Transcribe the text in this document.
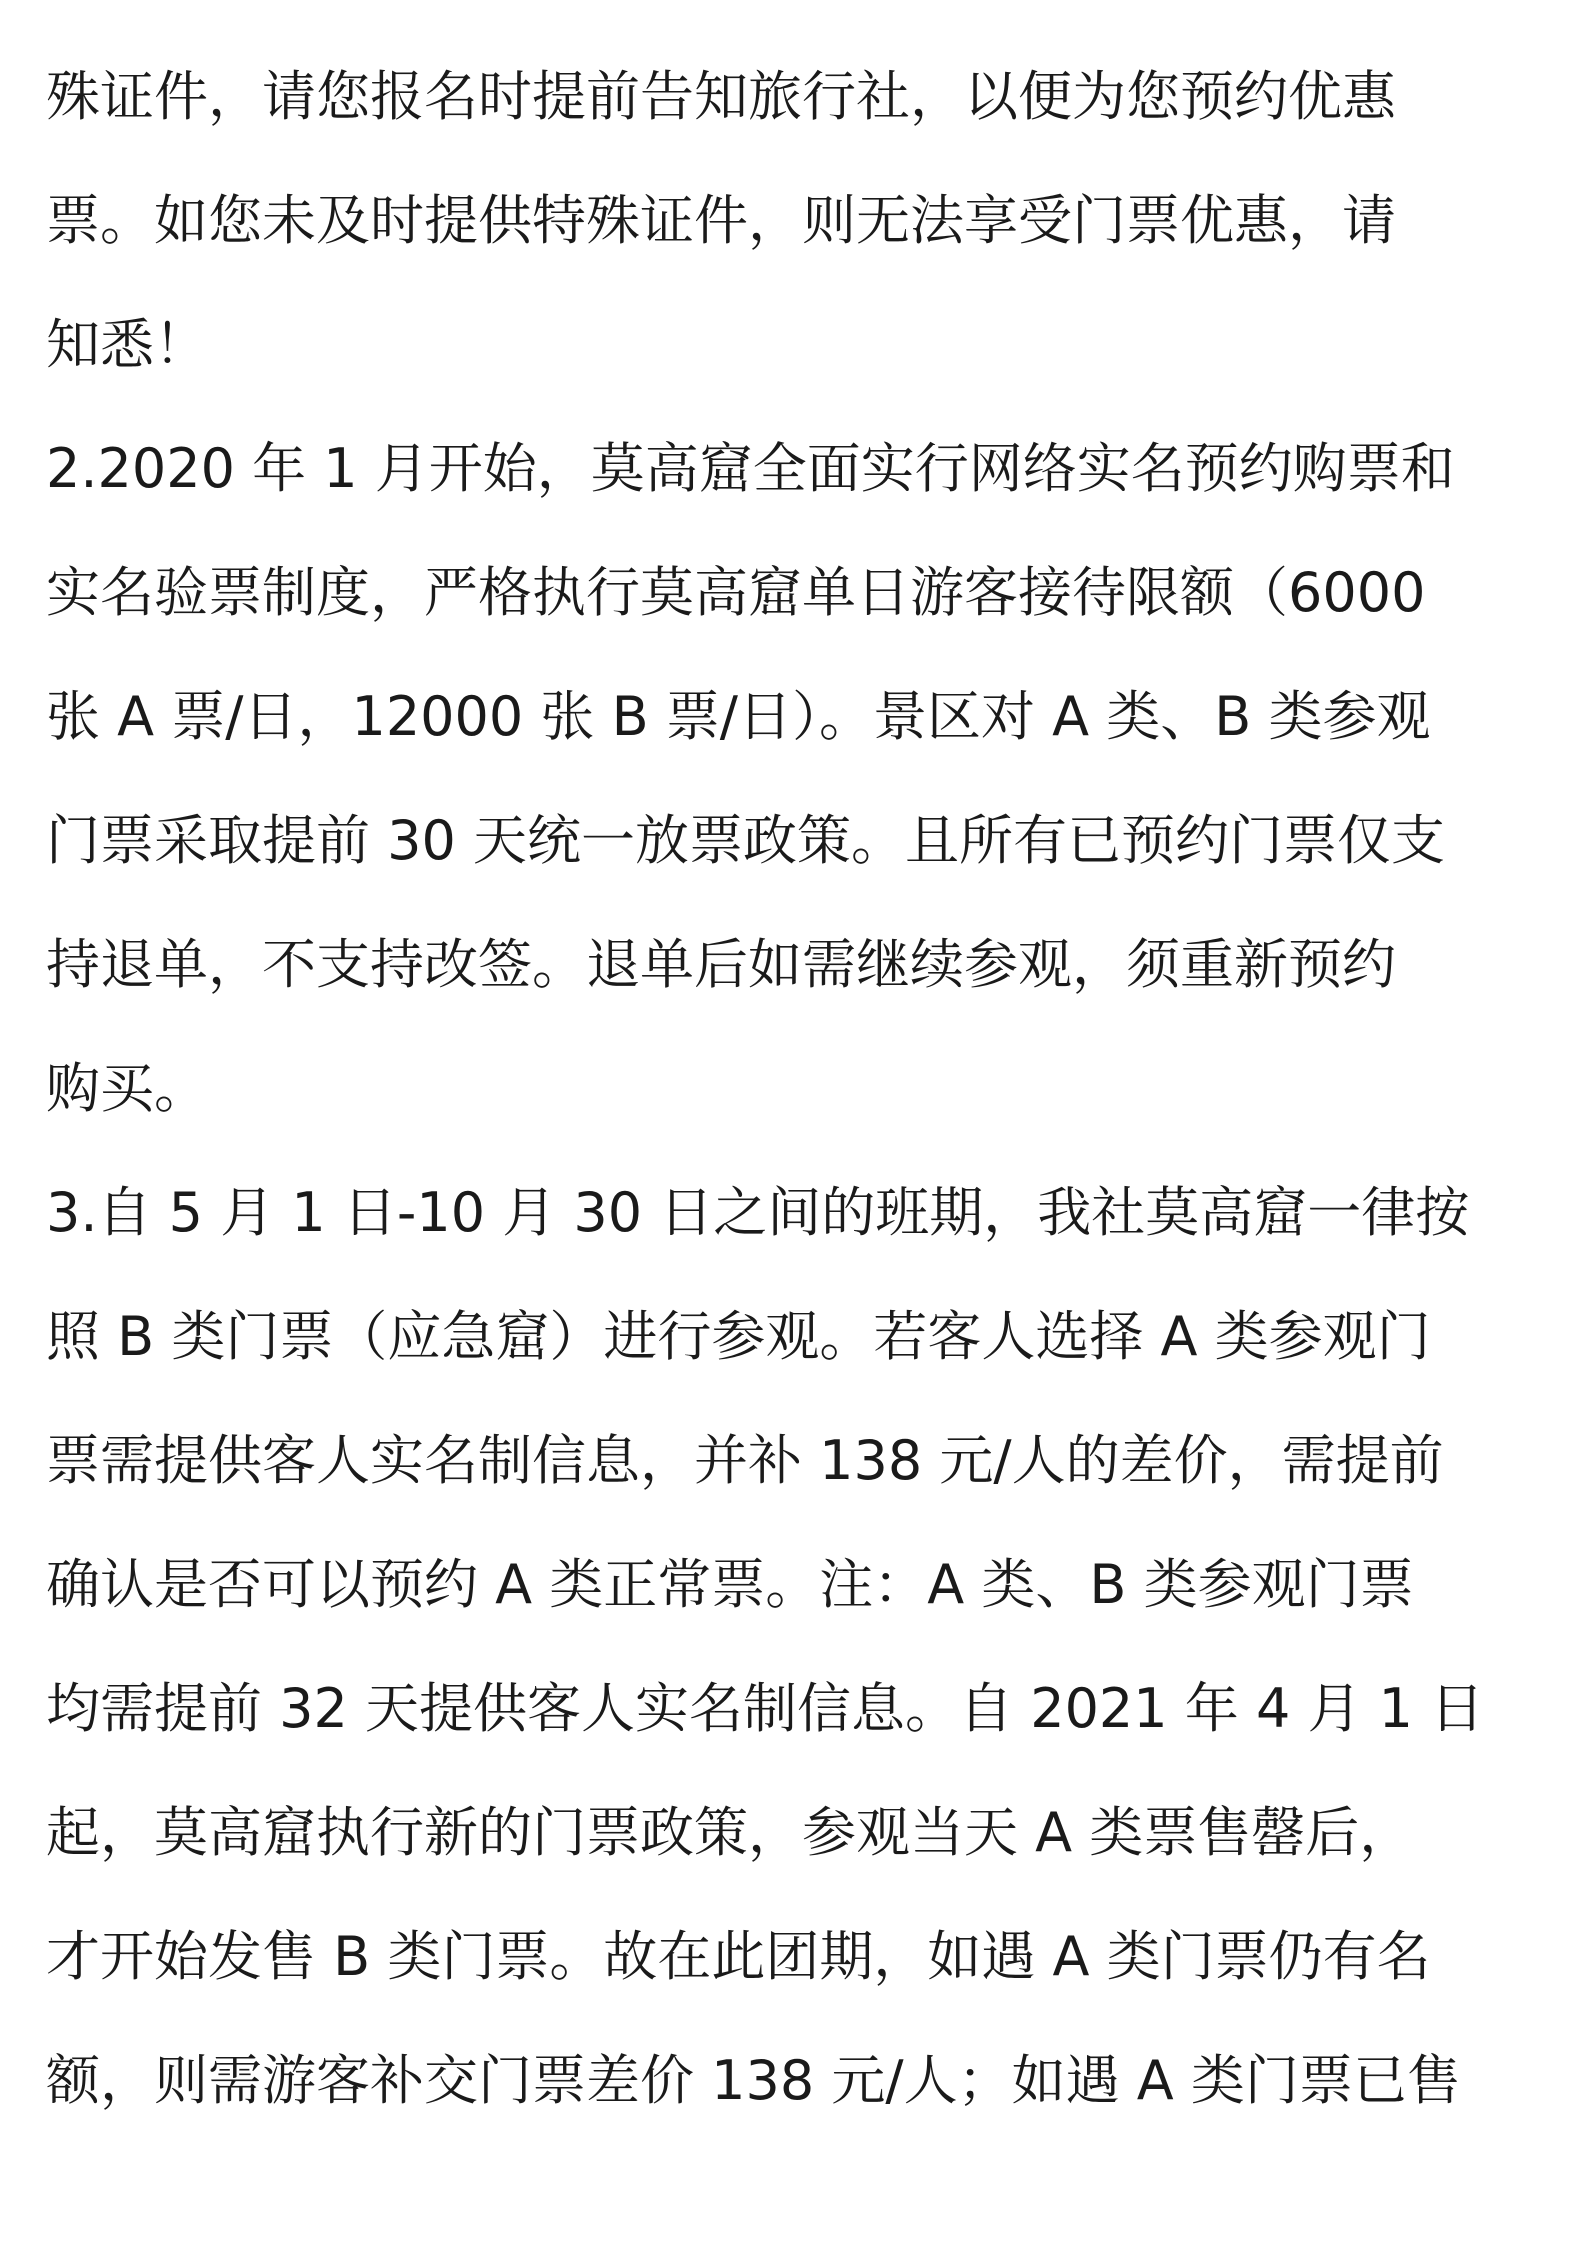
殊证件，请您报名时提前告知旅行社，以便为您预约优惠

票。如您未及时提供特殊证件，则无法享受门票优惠，请

知悉！

2.2020 年 1 月开始，莫高窟全面实行网络实名预约购票和

实名验票制度，严格执行莫高窟单日游客接待限额（6000

张 A 票/日，12000 张 B 票/日）。景区对 A 类、B 类参观

门票采取提前 30 天统一放票政策。且所有已预约门票仅支

持退单，不支持改签。退单后如需继续参观，须重新预约

购买。

3.自 5 月 1 日-10 月 30 日之间的班期，我社莫高窟一律按

照 B 类门票（应急窟）进行参观。若客人选择 A 类参观门

票需提供客人实名制信息，并补 138 元/人的差价，需提前

确认是否可以预约 A 类正常票。注：A 类、B 类参观门票

均需提前 32 天提供客人实名制信息。自 2021 年 4 月 1 日

起，莫高窟执行新的门票政策，参观当天 A 类票售罄后，

才开始发售 B 类门票。故在此团期，如遇 A 类门票仍有名

额，则需游客补交门票差价 138 元/人；如遇 A 类门票已售
